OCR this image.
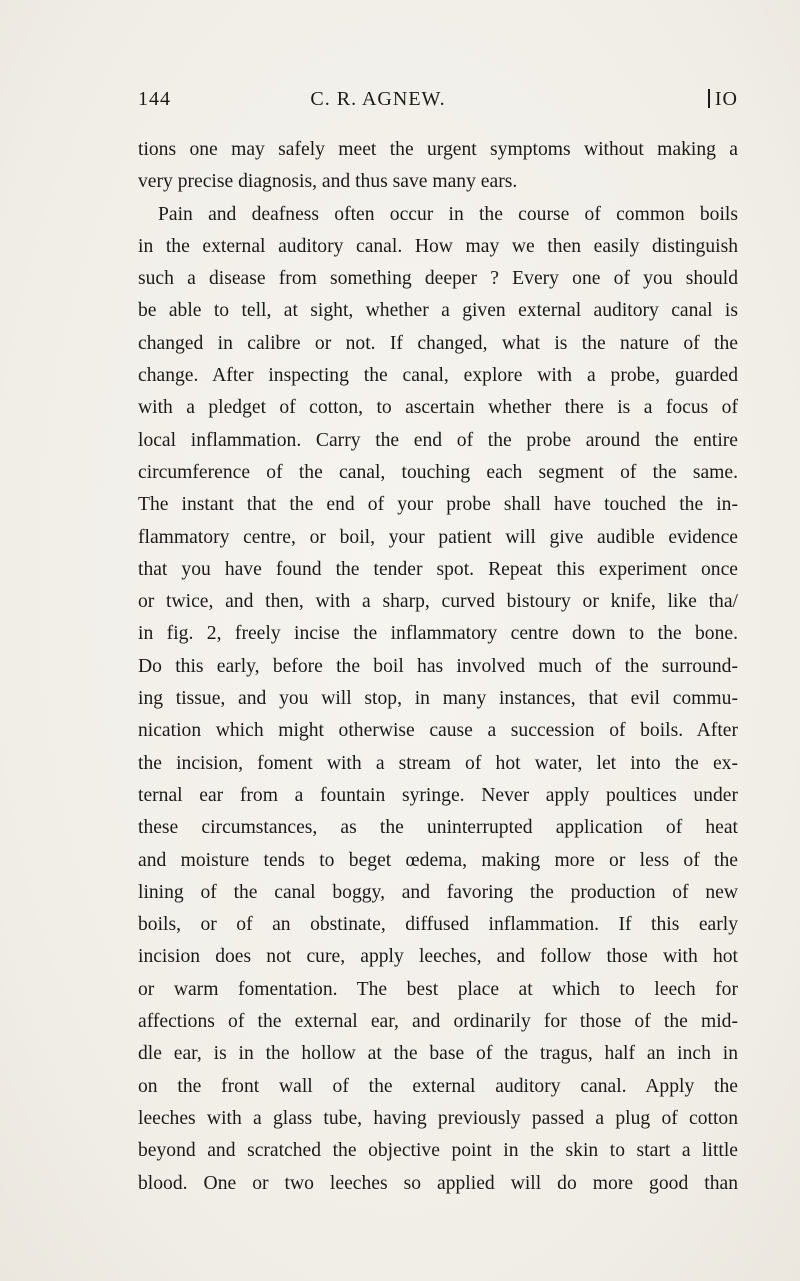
144	C. R. AGNEW.	IO
tions one may safely meet the urgent symptoms without making a
very precise diagnosis, and thus save many ears.
Pain and deafness often occur in the course of common boils
in the external auditory canal. How may we then easily distinguish
such a disease from something deeper ? Every one of you should
be able to tell, at sight, whether a given external auditory canal is
changed in calibre or not. If changed, what is the nature of the
change. After inspecting the canal, explore with a probe, guarded
with a pledget of cotton, to ascertain whether there is a focus of
local inflammation. Carry the end of the probe around the entire
circumference of the canal, touching each segment of the same.
The instant that the end of your probe shall have touched the in-
flammatory centre, or boil, your patient will give audible evidence
that you have found the tender spot. Repeat this experiment once
or twice, and then, with a sharp, curved bistoury or knife, like tha/
in fig. 2, freely incise the inflammatory centre down to the bone.
Do this early, before the boil has involved much of the surround-
ing tissue, and you will stop, in many instances, that evil commu-
nication which might otherwise cause a succession of boils. After
the incision, foment with a stream of hot water, let into the ex-
ternal ear from a fountain syringe. Never apply poultices under
these circumstances, as the uninterrupted application of heat
and moisture tends to beget œdema, making more or less of the
lining of the canal boggy, and favoring the production of new
boils, or of an obstinate, diffused inflammation. If this early
incision does not cure, apply leeches, and follow those with hot
or warm fomentation. The best place at which to leech for
affections of the external ear, and ordinarily for those of the mid-
dle ear, is in the hollow at the base of the tragus, half an inch in
on the front wall of the external auditory canal. Apply the
leeches with a glass tube, having previously passed a plug of cotton
beyond and scratched the objective point in the skin to start a little
blood. One or two leeches so applied will do more good than
